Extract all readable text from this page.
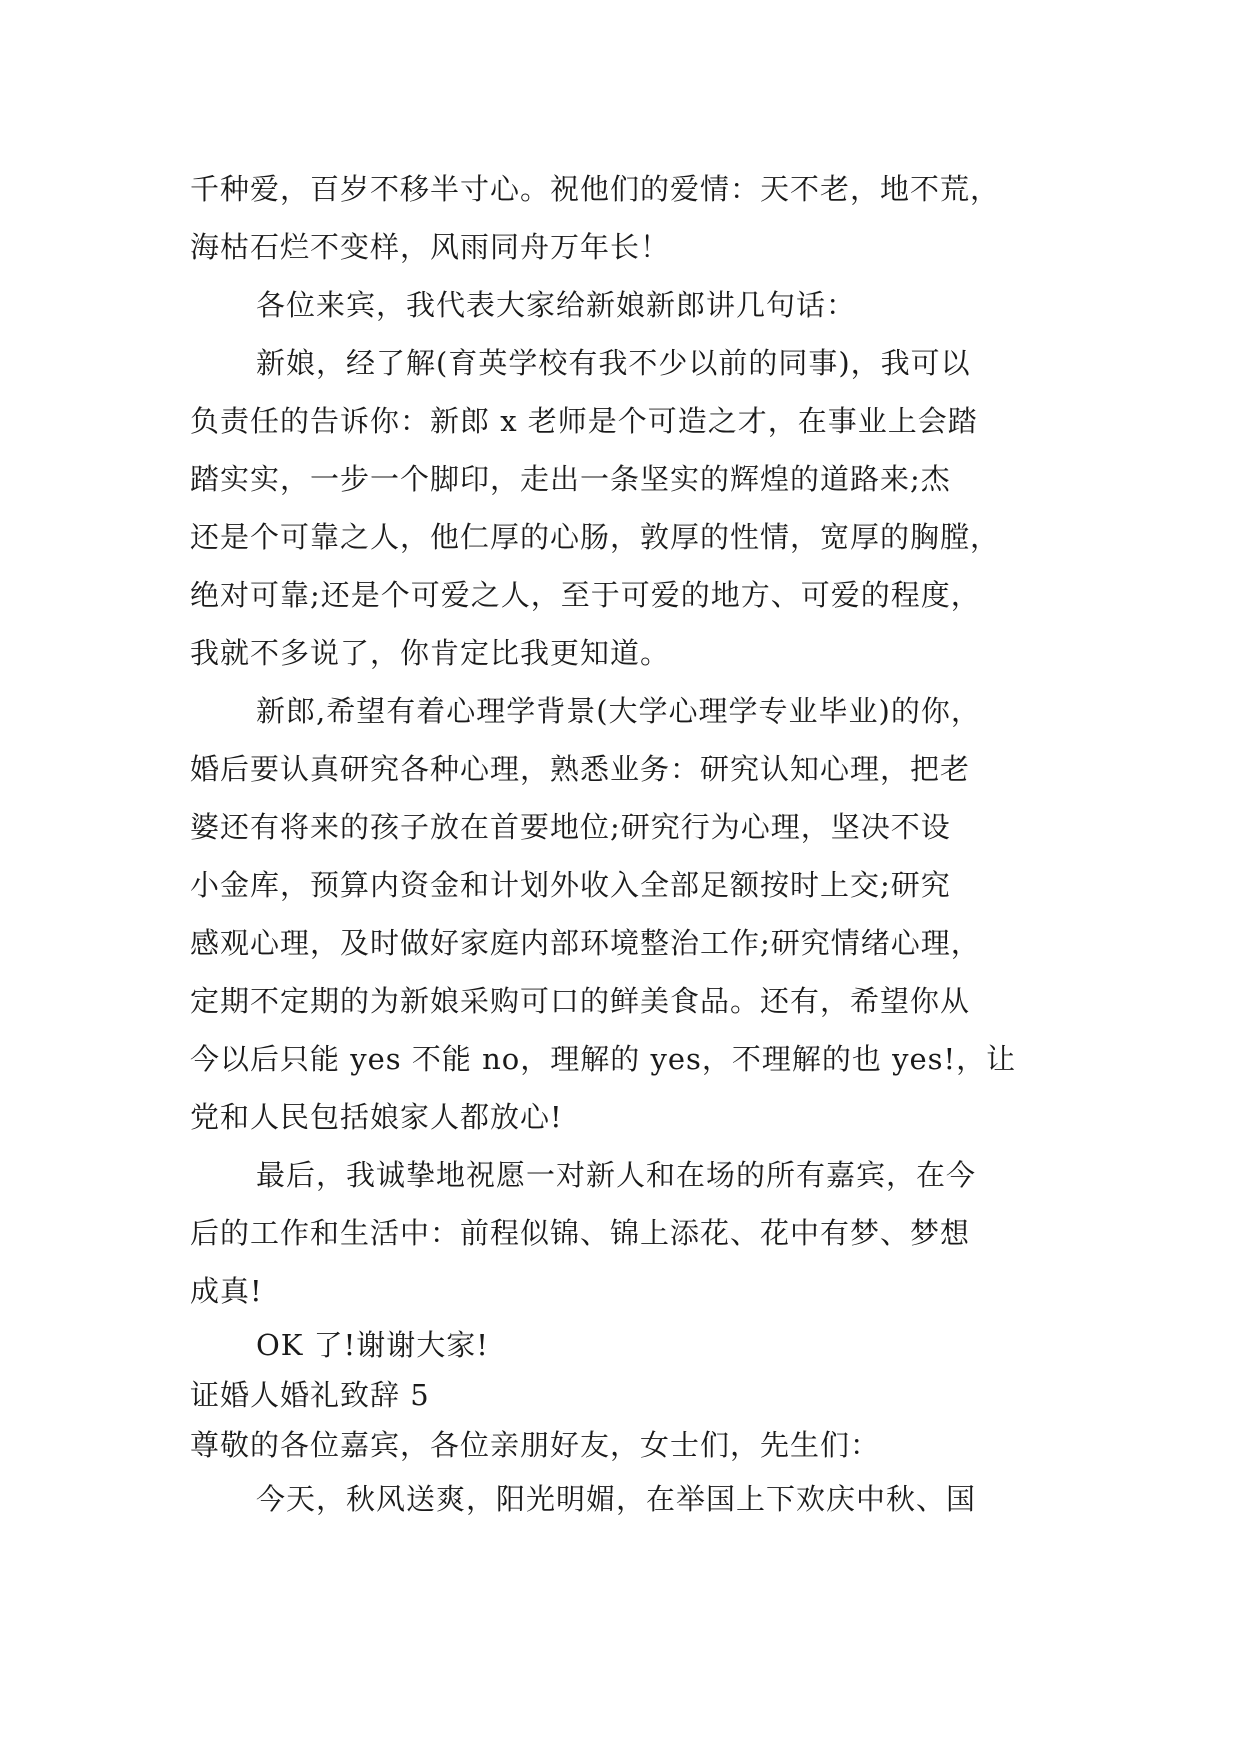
千种爱，百岁不移半寸心。祝他们的爱情：天不老，地不荒，
海枯石烂不变样，风雨同舟万年长！
各位来宾，我代表大家给新娘新郎讲几句话：
新娘，经了解(育英学校有我不少以前的同事)，我可以
负责任的告诉你：新郎 x 老师是个可造之才，在事业上会踏
踏实实，一步一个脚印，走出一条坚实的辉煌的道路来;杰
还是个可靠之人，他仁厚的心肠，敦厚的性情，宽厚的胸膛，
绝对可靠;还是个可爱之人，至于可爱的地方、可爱的程度，
我就不多说了，你肯定比我更知道。
新郎,希望有着心理学背景(大学心理学专业毕业)的你，
婚后要认真研究各种心理，熟悉业务：研究认知心理，把老
婆还有将来的孩子放在首要地位;研究行为心理，坚决不设
小金库，预算内资金和计划外收入全部足额按时上交;研究
感观心理，及时做好家庭内部环境整治工作;研究情绪心理，
定期不定期的为新娘采购可口的鲜美食品。还有，希望你从
今以后只能 yes 不能 no，理解的 yes，不理解的也 yes!，让
党和人民包括娘家人都放心!
最后，我诚挚地祝愿一对新人和在场的所有嘉宾，在今
后的工作和生活中：前程似锦、锦上添花、花中有梦、梦想
成真!
OK 了!谢谢大家!
证婚人婚礼致辞 5
尊敬的各位嘉宾，各位亲朋好友，女士们，先生们：
今天，秋风送爽，阳光明媚，在举国上下欢庆中秋、国
